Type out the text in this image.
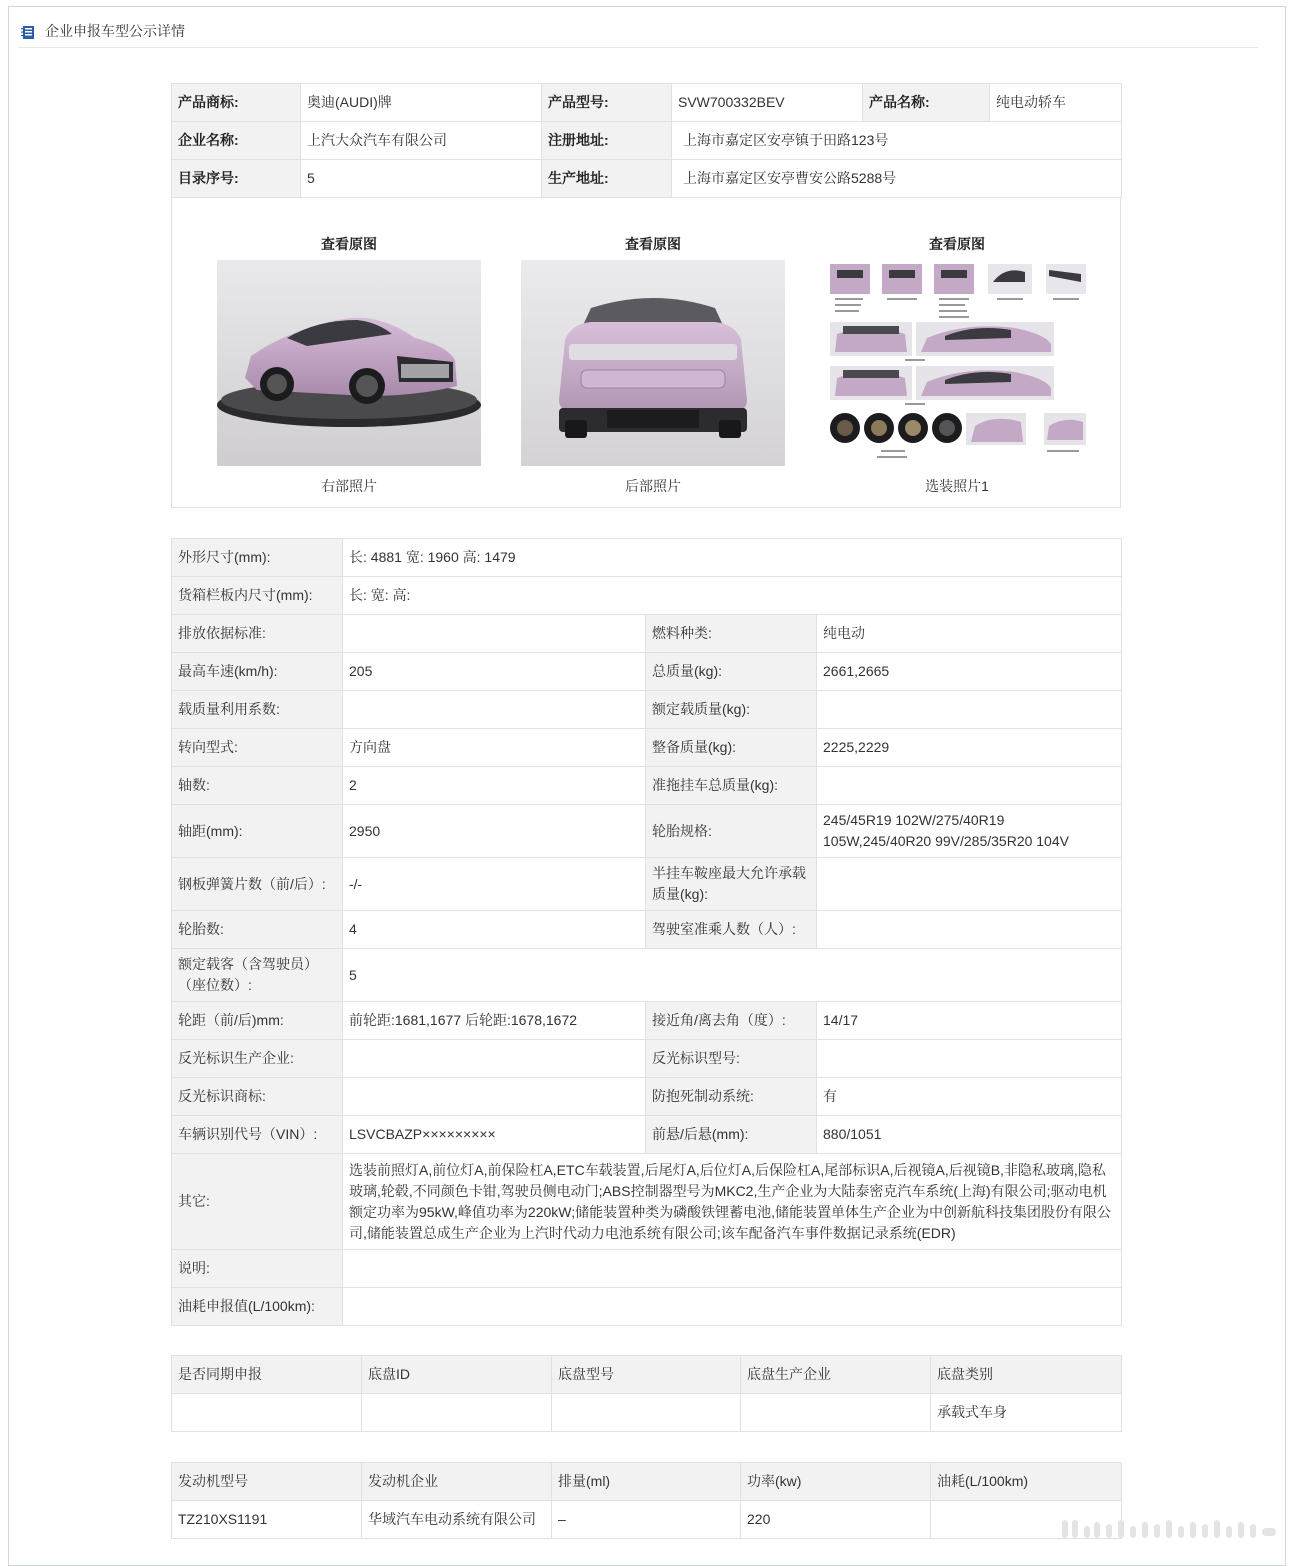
企业申报车型公示详情
产品商标:	奥迪(AUDI)牌	产品型号:	SVW700332BEV	产品名称:	纯电动轿车
企业名称:	上汽大众汽车有限公司	注册地址:	上海市嘉定区安亭镇于田路123号		
目录序号:	5	生产地址:	上海市嘉定区安亭曹安公路5288号		
查看原图
右部照片
查看原图
后部照片
查看原图
选装照片1
外形尺寸(mm):	长: 4881 宽: 1960 高: 1479		
货箱栏板内尺寸(mm):	长: 宽: 高:		
排放依据标准:		燃料种类:	纯电动
最高车速(km/h):	205	总质量(kg):	2661,2665
载质量利用系数:		额定载质量(kg):	
转向型式:	方向盘	整备质量(kg):	2225,2229
轴数:	2	准拖挂车总质量(kg):	
轴距(mm):	2950	轮胎规格:	245/45R19 102W/275/40R19
105W,245/40R20 99V/285/35R20 104V

钢板弹簧片数（前/后）:	-/-	半挂车鞍座最大允许承载
质量(kg):	

轮胎数:	4	驾驶室准乘人数（人）:	

额定载客（含驾驶员）
（座位数）:	5		
轮距（前/后)mm:	前轮距:1681,1677 后轮距:1678,1672	接近角/离去角（度）:	14/17
反光标识生产企业:		反光标识型号:	
反光标识商标:		防抱死制动系统:	有
车辆识别代号（VIN）:	LSVCBAZP×××××××××	前悬/后悬(mm):	880/1051
其它:	选装前照灯A,前位灯A,前保险杠A,ETC车载装置,后尾灯A,后位灯A,后保险杠A,尾部标识A,后视镜A,后视镜B,非隐私玻璃,隐私玻璃,轮毂,不同颜色卡钳,驾驶员侧电动门;ABS控制器型号为MKC2,生产企业为大陆泰密克汽车系统(上海)有限公司;驱动电机额定功率为95kW,峰值功率为220kW;储能装置种类为磷酸铁锂蓄电池,储能装置单体生产企业为中创新航科技集团股份有限公司,储能装置总成生产企业为上汽时代动力电池系统有限公司;该车配备汽车事件数据记录系统(EDR)		
说明:			
油耗申报值(L/100km):			
是否同期申报	底盘ID	底盘型号	底盘生产企业	底盘类别
				承载式车身
发动机型号	发动机企业	排量(ml)	功率(kw)	油耗(L/100km)
TZ210XS1191	华域汽车电动系统有限公司	–	220	
